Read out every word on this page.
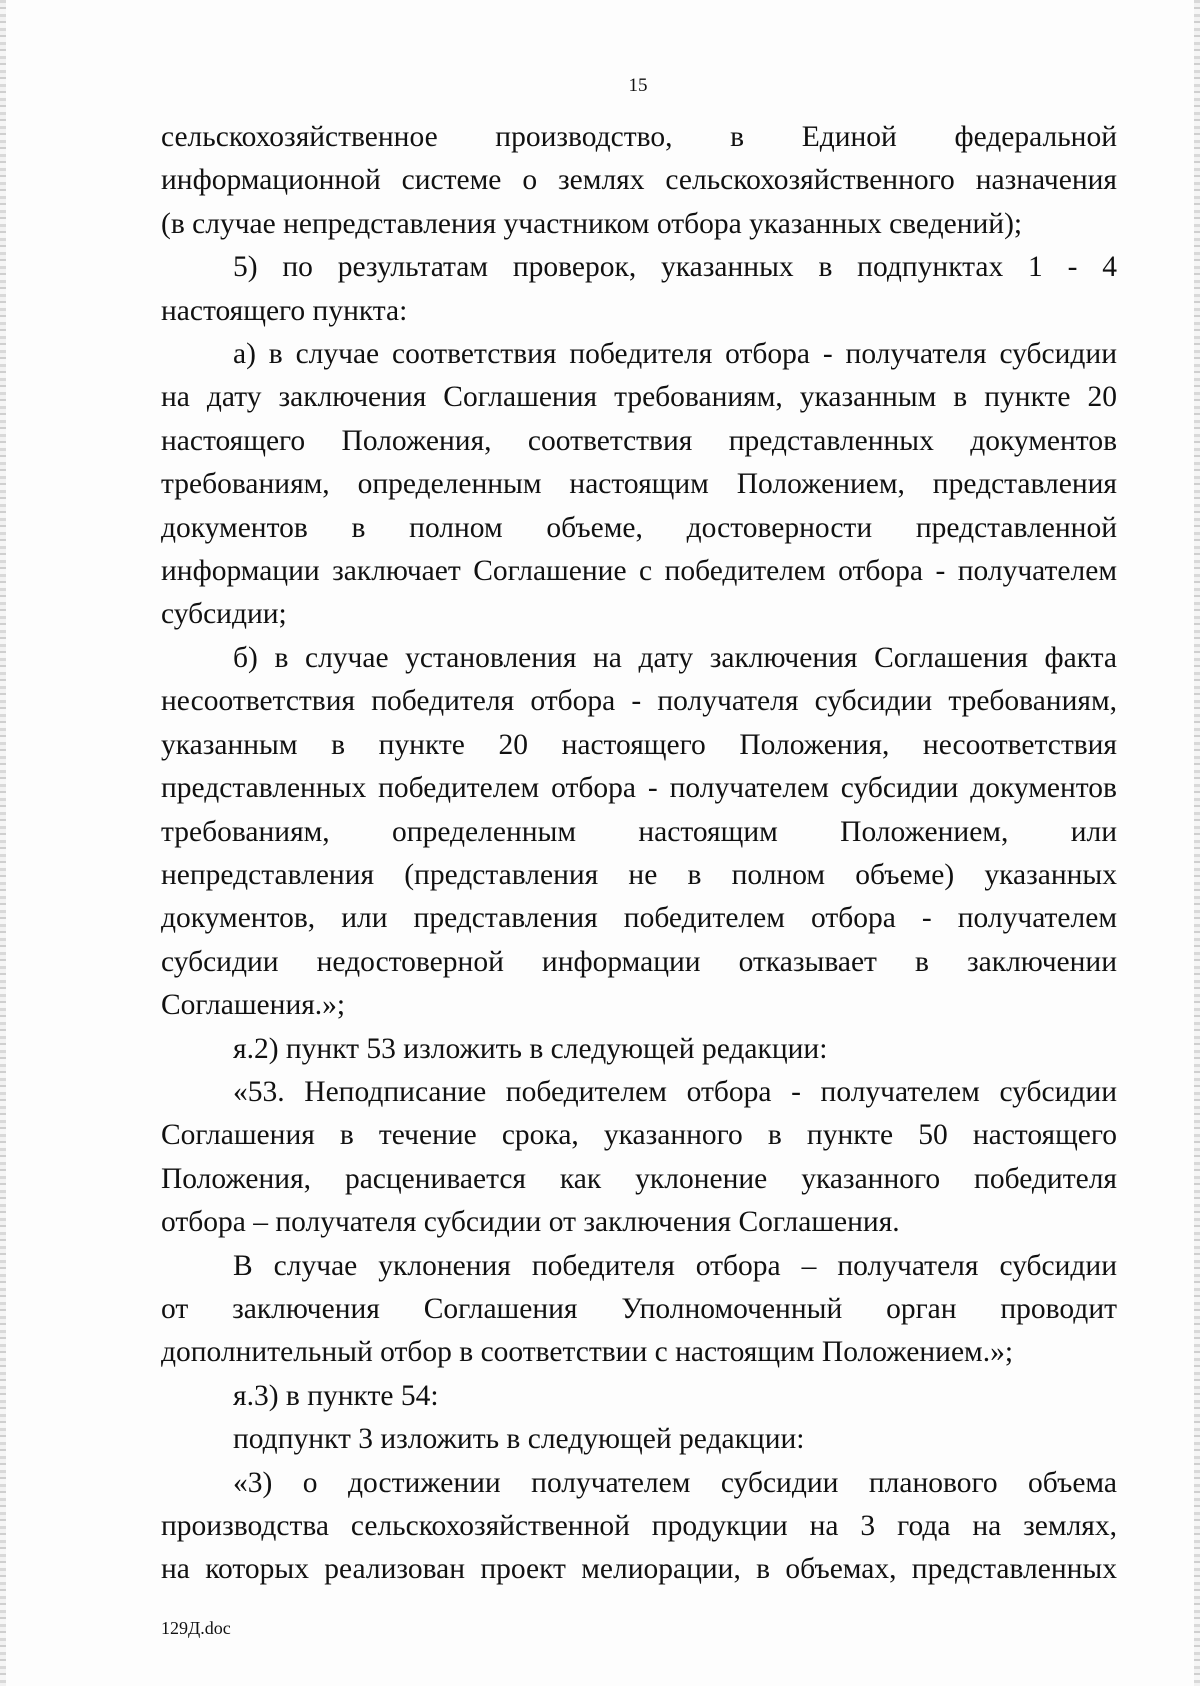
15

сельскохозяйственное производство, в Единой федеральной
информационной системе о землях сельскохозяйственного назначения
(в случае непредставления участником отбора указанных сведений);

5) по результатам проверок, указанных в подпунктах 1 - 4
настоящего пункта:

а) в случае соответствия победителя отбора - получателя субсидии
на дату заключения Соглашения требованиям, указанным в пункте 20
настоящего Положения, соответствия представленных документов
требованиям, определенным настоящим Положением, представления
документов в полном объеме, достоверности представленной
информации заключает Соглашение с победителем отбора - получателем
субсидии;

б) в случае установления на дату заключения Соглашения факта
несоответствия победителя отбора - получателя субсидии требованиям,
указанным в пункте 20 настоящего Положения, несоответствия
представленных победителем отбора - получателем субсидии документов
требованиям, определенным настоящим Положением, или
непредставления (представления не в полном объеме) указанных
документов, или представления победителем отбора - получателем
субсидии недостоверной информации отказывает в заключении
Соглашения.»;

я.2) пункт 53 изложить в следующей редакции:

«53. Неподписание победителем отбора - получателем субсидии
Соглашения в течение срока, указанного в пункте 50 настоящего
Положения, расценивается как уклонение указанного победителя
отбора – получателя субсидии от заключения Соглашения.

В случае уклонения победителя отбора – получателя субсидии
от заключения Соглашения Уполномоченный орган проводит
дополнительный отбор в соответствии с настоящим Положением.»;

я.3) в пункте 54:

подпункт 3 изложить в следующей редакции:

«3) о достижении получателем субсидии планового объема
производства сельскохозяйственной продукции на 3 года на землях,
на которых реализован проект мелиорации, в объемах, представленных

129Д.doc
